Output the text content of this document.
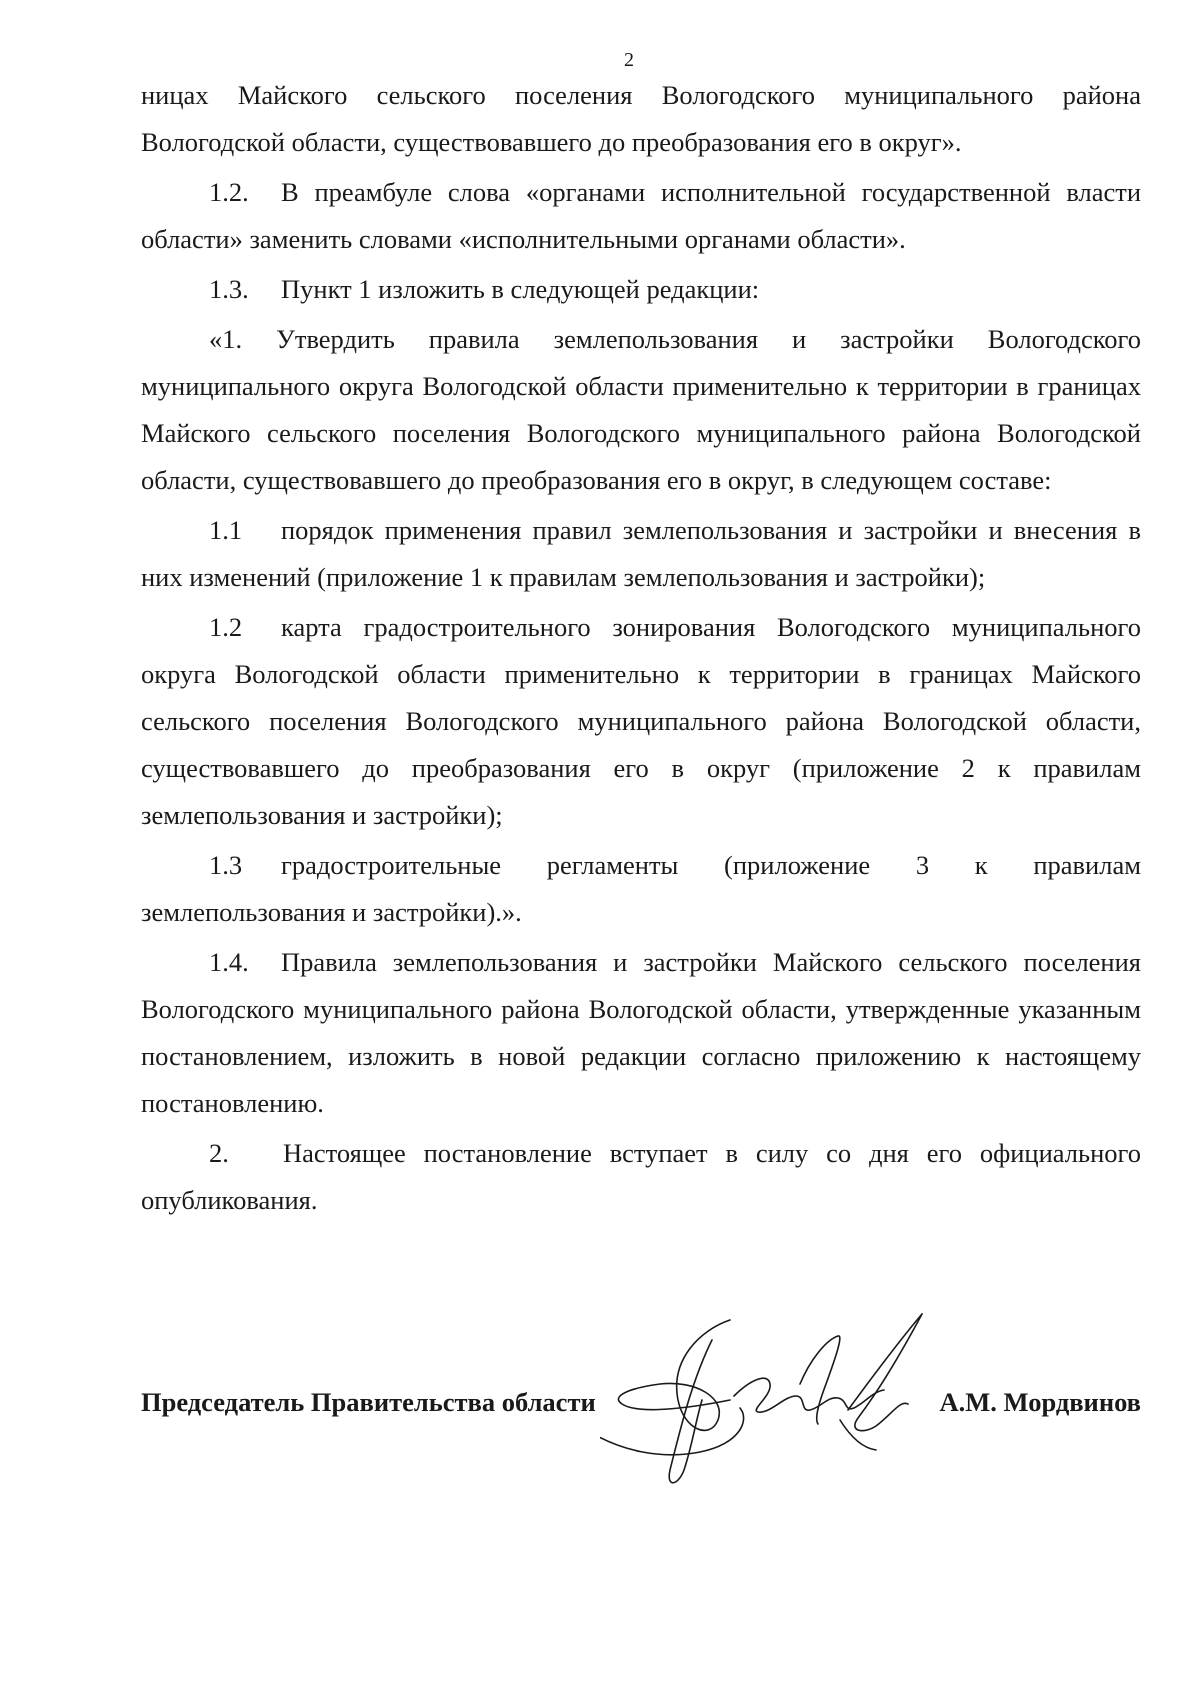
2

ницах Майского сельского поселения Вологодского муниципального района Вологодской области, существовавшего до преобразования его в округ».

1.2. В преамбуле слова «органами исполнительной государственной власти области» заменить словами «исполнительными органами области».

1.3. Пункт 1 изложить в следующей редакции:

«1. Утвердить правила землепользования и застройки Вологодского муниципального округа Вологодской области применительно к территории в границах Майского сельского поселения Вологодского муниципального района Вологодской области, существовавшего до преобразования его в округ, в следующем составе:

1.1 порядок применения правил землепользования и застройки и внесения в них изменений (приложение 1 к правилам землепользования и застройки);

1.2 карта градостроительного зонирования Вологодского муниципального округа Вологодской области применительно к территории в границах Майского сельского поселения Вологодского муниципального района Вологодской области, существовавшего до преобразования его в округ (приложение 2 к правилам землепользования и застройки);

1.3 градостроительные регламенты (приложение 3 к правилам землепользования и застройки).».

1.4. Правила землепользования и застройки Майского сельского поселения Вологодского муниципального района Вологодской области, утвержденные указанным постановлением, изложить в новой редакции согласно приложению к настоящему постановлению.

2. Настоящее постановление вступает в силу со дня его официального опубликования.

Председатель Правительства области	А.М. Мордвинов
